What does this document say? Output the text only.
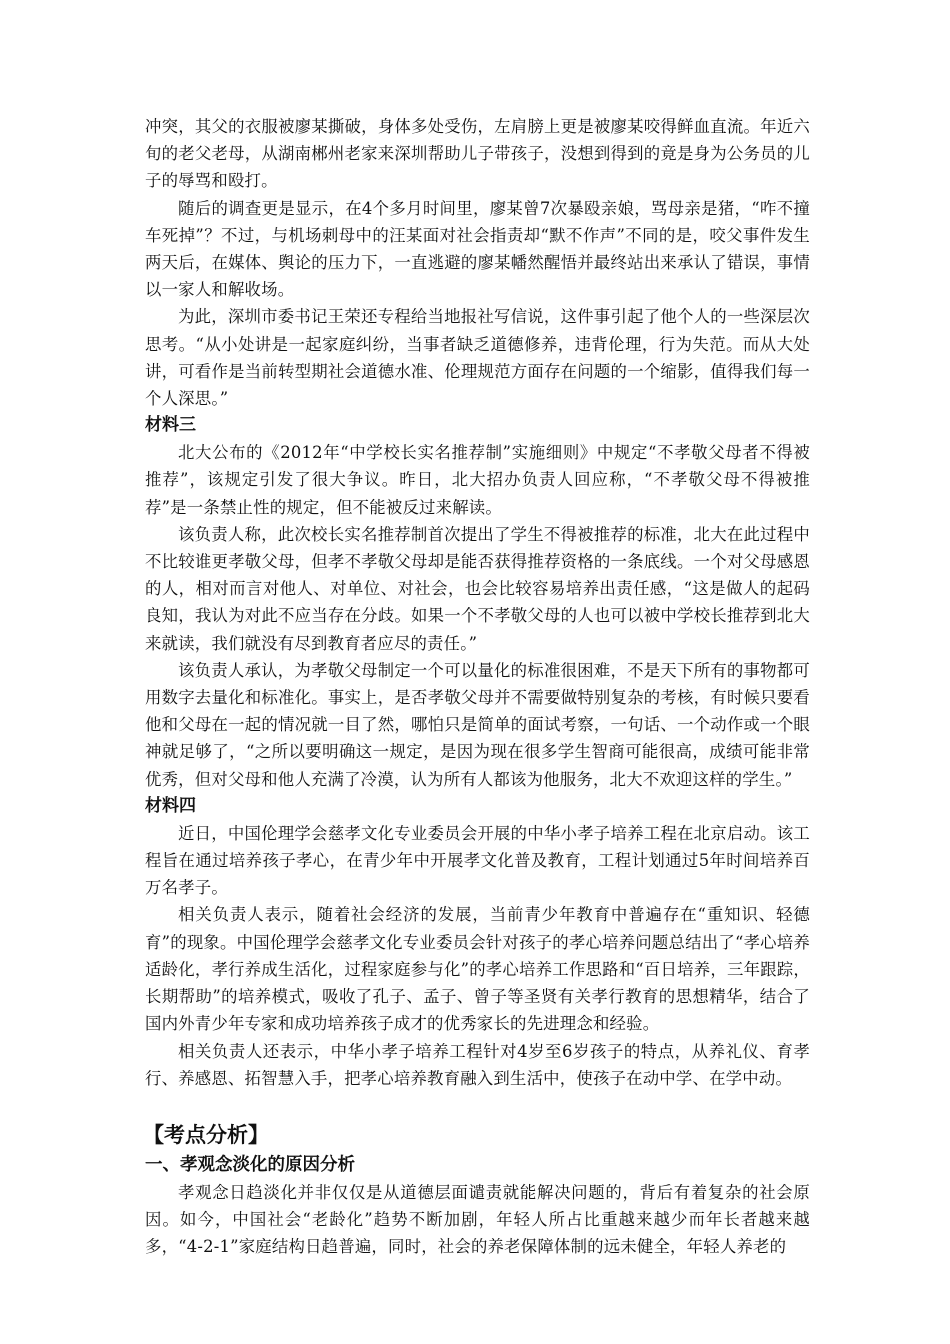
冲突，其父的衣服被廖某撕破，身体多处受伤，左肩膀上更是被廖某咬得鲜血直流。年近六旬的老父老母，从湖南郴州老家来深圳帮助儿子带孩子，没想到得到的竟是身为公务员的儿子的辱骂和殴打。

随后的调查更是显示，在4个多月时间里，廖某曾7次暴殴亲娘，骂母亲是猪，“咋不撞车死掉”？不过，与机场刺母中的汪某面对社会指责却“默不作声”不同的是，咬父事件发生两天后，在媒体、舆论的压力下，一直逃避的廖某幡然醒悟并最终站出来承认了错误，事情以一家人和解收场。

为此，深圳市委书记王荣还专程给当地报社写信说，这件事引起了他个人的一些深层次思考。“从小处讲是一起家庭纠纷，当事者缺乏道德修养，违背伦理，行为失范。而从大处讲，可看作是当前转型期社会道德水准、伦理规范方面存在问题的一个缩影，值得我们每一个人深思。”

材料三

北大公布的《2012年“中学校长实名推荐制”实施细则》中规定“不孝敬父母者不得被推荐”，该规定引发了很大争议。昨日，北大招办负责人回应称，“不孝敬父母不得被推荐”是一条禁止性的规定，但不能被反过来解读。

该负责人称，此次校长实名推荐制首次提出了学生不得被推荐的标准，北大在此过程中不比较谁更孝敬父母，但孝不孝敬父母却是能否获得推荐资格的一条底线。一个对父母感恩的人，相对而言对他人、对单位、对社会，也会比较容易培养出责任感，“这是做人的起码良知，我认为对此不应当存在分歧。如果一个不孝敬父母的人也可以被中学校长推荐到北大来就读，我们就没有尽到教育者应尽的责任。”

该负责人承认，为孝敬父母制定一个可以量化的标准很困难，不是天下所有的事物都可用数字去量化和标准化。事实上，是否孝敬父母并不需要做特别复杂的考核，有时候只要看他和父母在一起的情况就一目了然，哪怕只是简单的面试考察，一句话、一个动作或一个眼神就足够了，“之所以要明确这一规定，是因为现在很多学生智商可能很高，成绩可能非常优秀，但对父母和他人充满了冷漠，认为所有人都该为他服务，北大不欢迎这样的学生。”

材料四

近日，中国伦理学会慈孝文化专业委员会开展的中华小孝子培养工程在北京启动。该工程旨在通过培养孩子孝心，在青少年中开展孝文化普及教育，工程计划通过5年时间培养百万名孝子。

相关负责人表示，随着社会经济的发展，当前青少年教育中普遍存在“重知识、轻德育”的现象。中国伦理学会慈孝文化专业委员会针对孩子的孝心培养问题总结出了“孝心培养适龄化，孝行养成生活化，过程家庭参与化”的孝心培养工作思路和“百日培养，三年跟踪，长期帮助”的培养模式，吸收了孔子、孟子、曾子等圣贤有关孝行教育的思想精华，结合了国内外青少年专家和成功培养孩子成才的优秀家长的先进理念和经验。

相关负责人还表示，中华小孝子培养工程针对4岁至6岁孩子的特点，从养礼仪、育孝行、养感恩、拓智慧入手，把孝心培养教育融入到生活中，使孩子在动中学、在学中动。

【考点分析】
一、孝观念淡化的原因分析

孝观念日趋淡化并非仅仅是从道德层面谴责就能解决问题的，背后有着复杂的社会原因。如今，中国社会“老龄化”趋势不断加剧，年轻人所占比重越来越少而年长者越来越多，“4-2-1”家庭结构日趋普遍，同时，社会的养老保障体制的远未健全，年轻人养老的
